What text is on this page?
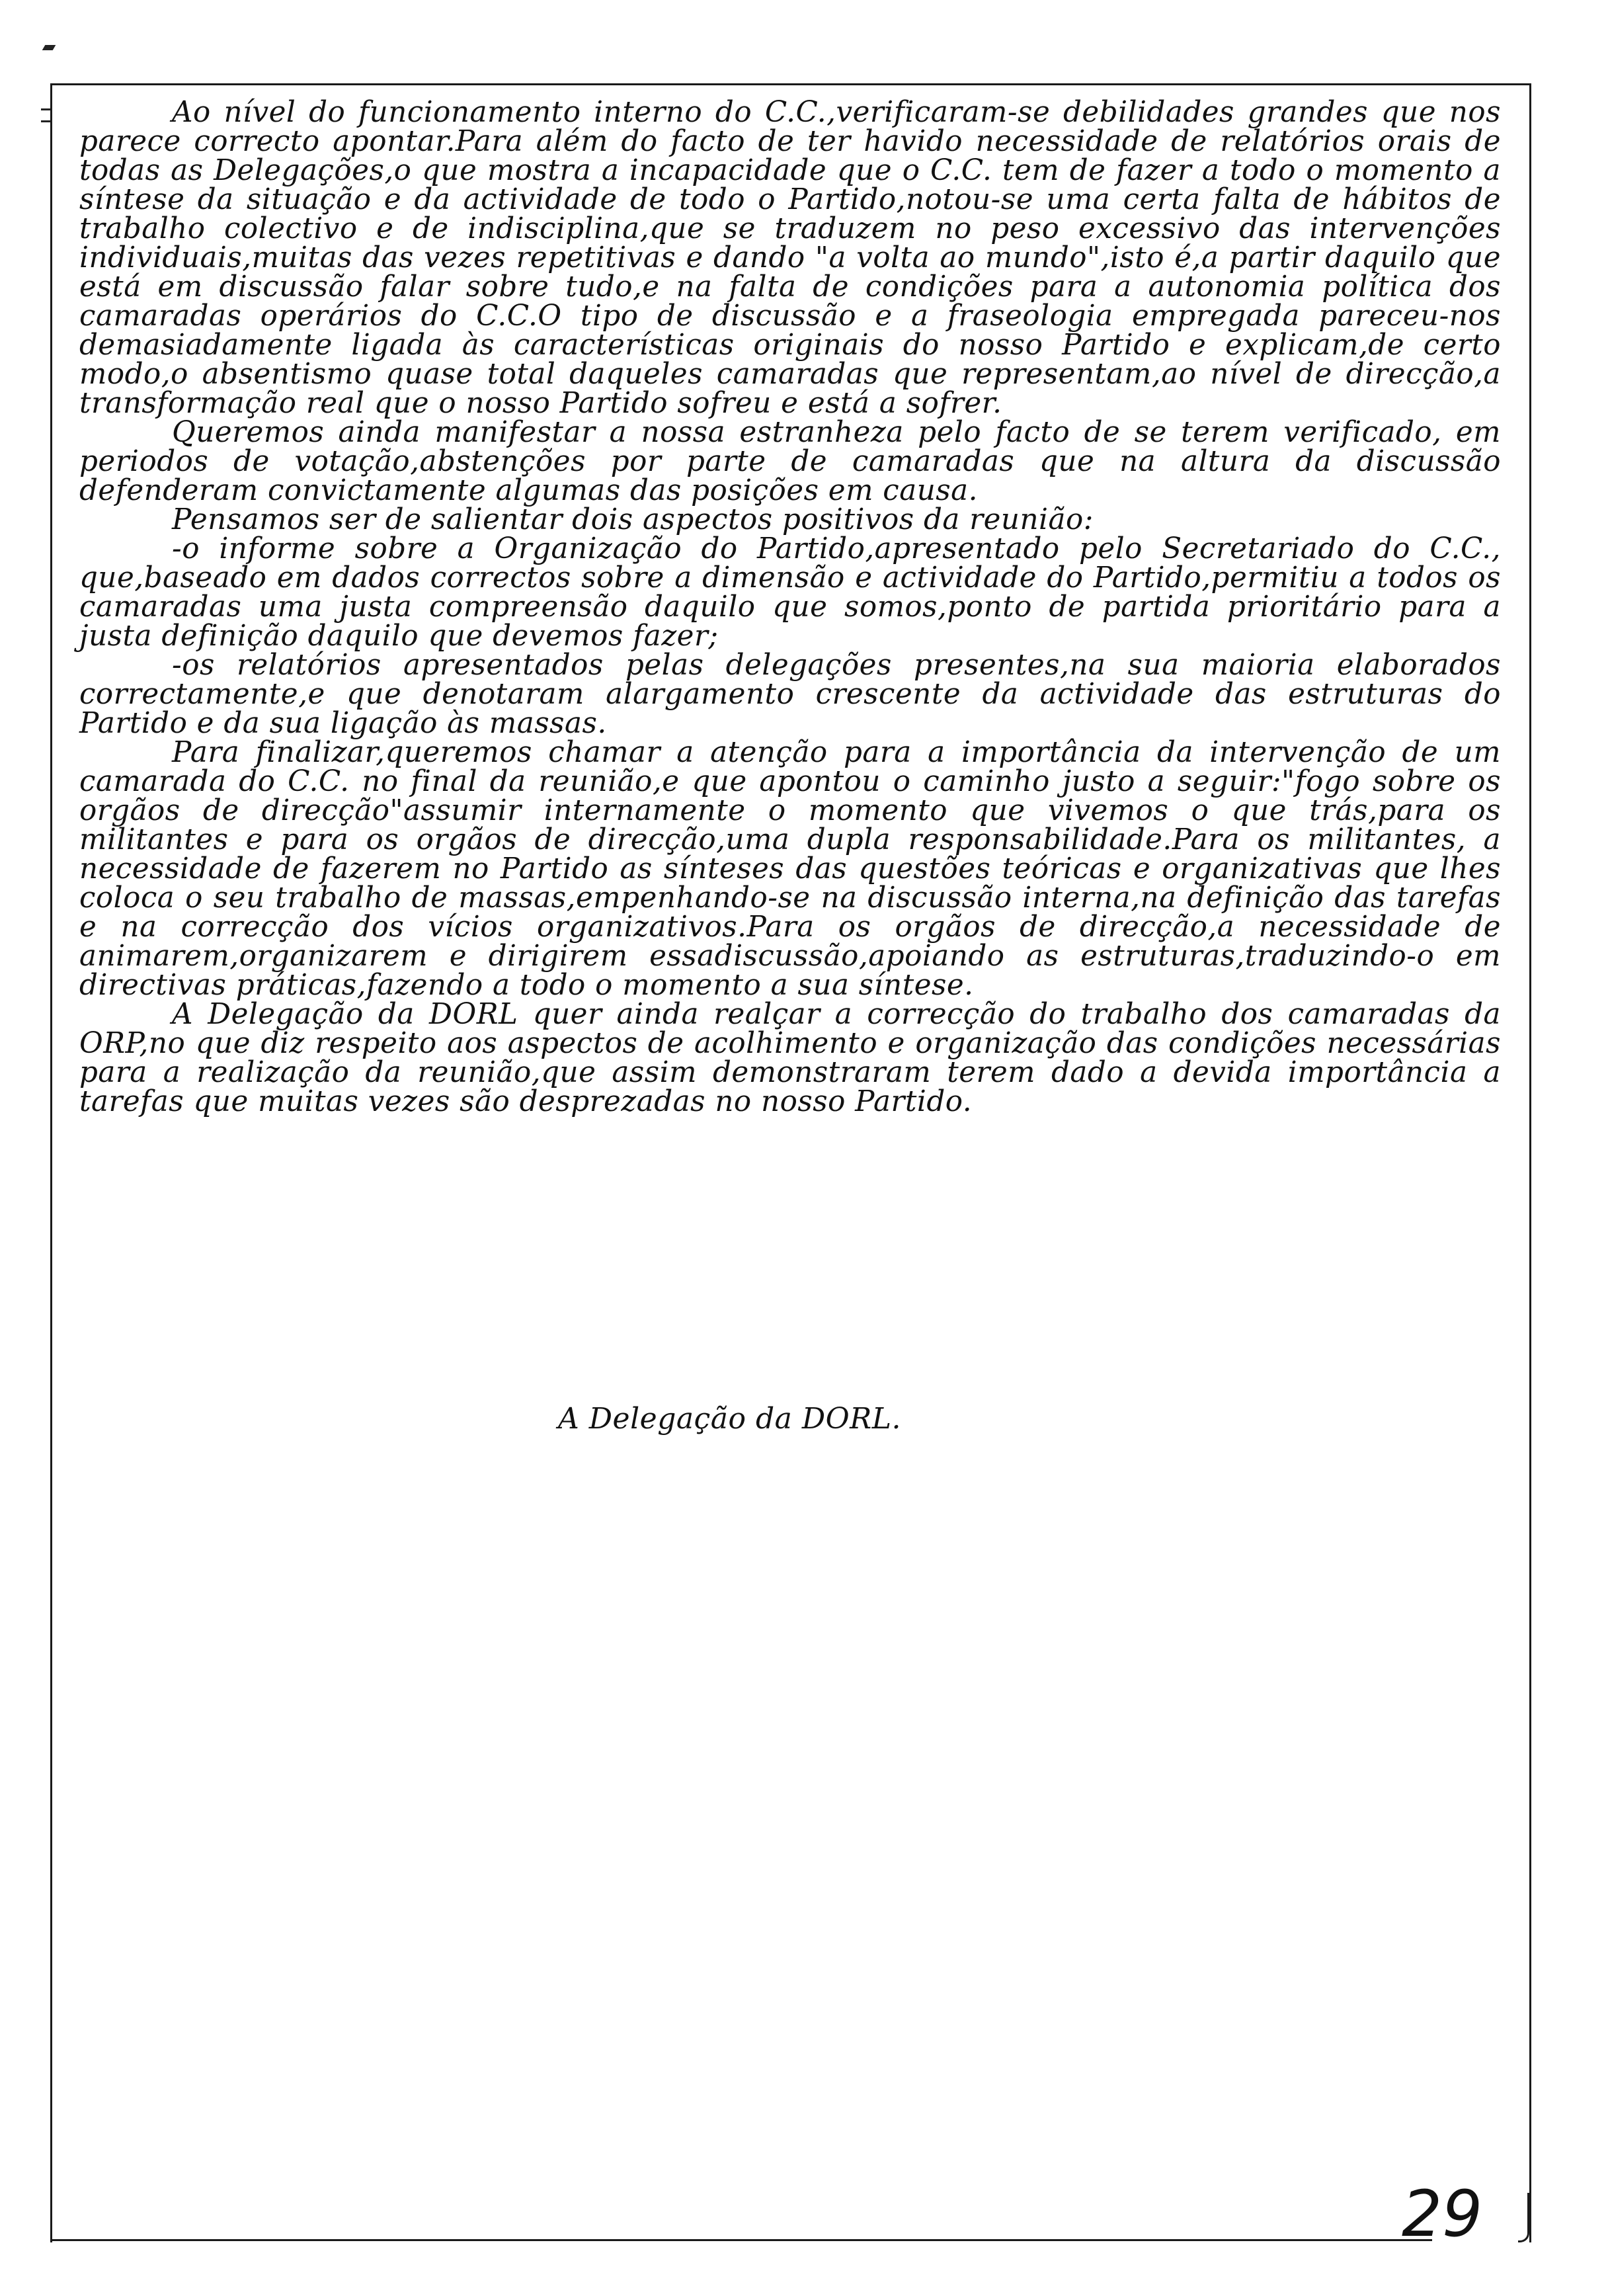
Ao nível do funcionamento interno do C.C.,verificaram-se debilidades grandes que nos parece correcto apontar.Para além do facto de ter havido necessidade de relatórios orais de todas as Delegações,o que mostra a incapacidade que o C.C. tem de fazer a todo o momento a síntese da situação e da actividade de todo o Partido,notou-se uma certa falta de hábitos de trabalho colectivo e de indisciplina,que se traduzem no peso excessivo das intervenções individuais,muitas das vezes repetitivas e dando "a volta ao mundo",isto é,a partir daquilo que está em discussão falar sobre tudo,e na falta de condições para a autonomia política dos camaradas operários do C.C.O tipo de discussão e a fraseologia empregada pareceu-nos demasiadamente ligada às características originais do nosso Partido e explicam,de certo modo,o absentismo quase total daqueles camaradas que representam,ao nível de direcção,a transformação real que o nosso Partido sofreu e está a sofrer.

Queremos ainda manifestar a nossa estranheza pelo facto de se terem verificado, em periodos de votação,abstenções por parte de camaradas que na altura da discussão defenderam convictamente algumas das posições em causa.

Pensamos ser de salientar dois aspectos positivos da reunião:

-o informe sobre a Organização do Partido,apresentado pelo Secretariado do C.C., que,baseado em dados correctos sobre a dimensão e actividade do Partido,permitiu a todos os camaradas uma justa compreensão daquilo que somos,ponto de partida prioritário para a justa definição daquilo que devemos fazer;

-os relatórios apresentados pelas delegações presentes,na sua maioria elaborados correctamente,e que denotaram alargamento crescente da actividade das estruturas do Partido e da sua ligação às massas.

Para finalizar,queremos chamar a atenção para a importância da intervenção de um camarada do C.C. no final da reunião,e que apontou o caminho justo a seguir:"fogo sobre os orgãos de direcção"assumir internamente o momento que vivemos o que trás,para os militantes e para os orgãos de direcção,uma dupla responsabilidade.Para os militantes, a necessidade de fazerem no Partido as sínteses das questões teóricas e organizativas que lhes coloca o seu trabalho de massas,empenhando-se na discussão interna,na definição das tarefas e na correcção dos vícios organizativos.Para os orgãos de direcção,a necessidade de animarem,organizarem e dirigirem essadiscussão,apoiando as estruturas,traduzindo-o em directivas práticas,fazendo a todo o momento a sua síntese.

A Delegação da DORL quer ainda realçar a correcção do trabalho dos camaradas da ORP,no que diz respeito aos aspectos de acolhimento e organização das condições necessárias para a realização da reunião,que assim demonstraram terem dado a devida importância a tarefas que muitas vezes são desprezadas no nosso Partido.

A Delegação da DORL.
29
